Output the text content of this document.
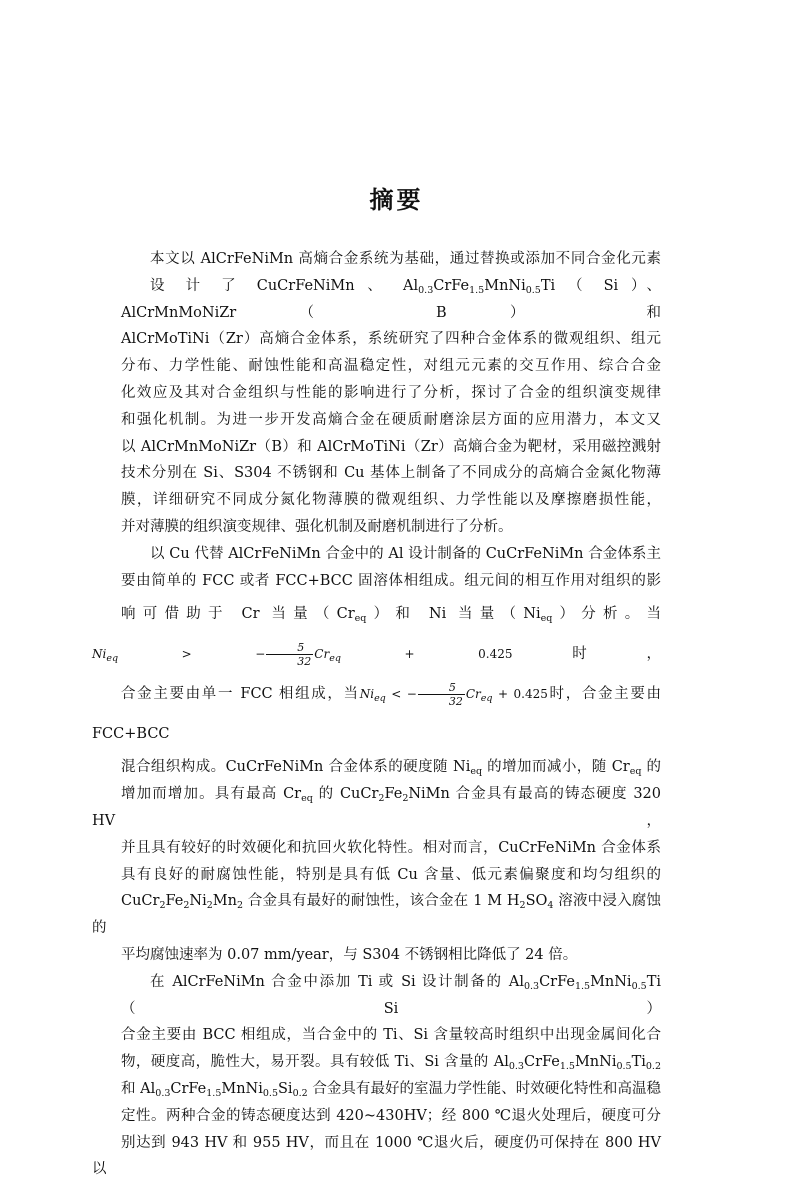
摘要

本文以 AlCrFeNiMn 高熵合金系统为基础，通过替换或添加不同合金化元素
设 计 了 CuCrFeNiMn 、 $Al_{0.3}CrFe_{1.5}MnNi_{0.5}Ti$ （ Si ）、 AlCrMnMoNiZr （ B ） 和
AlCrMoTiNi（Zr）高熵合金体系，系统研究了四种合金体系的微观组织、组元
分布、力学性能、耐蚀性能和高温稳定性，对组元元素的交互作用、综合合金
化效应及其对合金组织与性能的影响进行了分析，探讨了合金的组织演变规律
和强化机制。为进一步开发高熵合金在硬质耐磨涂层方面的应用潜力，本文又
以 AlCrMnMoNiZr（B）和 AlCrMoTiNi（Zr）高熵合金为靶材，采用磁控溅射
技术分别在 Si、S304 不锈钢和 Cu 基体上制备了不同成分的高熵合金氮化物薄
膜，详细研究不同成分氮化物薄膜的微观组织、力学性能以及摩擦磨损性能，
并对薄膜的组织演变规律、强化机制及耐磨机制进行了分析。

以 Cu 代替 AlCrFeNiMn 合金中的 Al 设计制备的 CuCrFeNiMn 合金体系主
要由简单的 FCC 或者 FCC+BCC 固溶体相组成。组元间的相互作用对组织的影
响可借助于 Cr 当量$(Cr_{eq})$和 Ni 当量$(Ni_{eq})$分析。当$Ni_{eq}$	> − $\frac{5}{32} Cr_{eq}$	+ 0.425时，
合金主要由单一 FCC 相组成，当$Ni_{eq}$ < − $\frac{5}{32} Cr_{eq} + 0.425$时，合金主要由 FCC+BCC
混合组织构成。CuCrFeNiMn 合金体系的硬度随 $Ni_{eq}$ 的增加而减小，随 $Cr_{eq}$ 的
增加而增加。具有最高 $Cr_{eq}$ 的 $CuCr_2Fe_2NiMn$ 合金具有最高的铸态硬度 320 HV，
并且具有较好的时效硬化和抗回火软化特性。相对而言，CuCrFeNiMn 合金体系
具有良好的耐腐蚀性能，特别是具有低 Cu 含量、低元素偏聚度和均匀组织的
$CuCr_2Fe_2Ni_2Mn_2$ 合金具有最好的耐蚀性，该合金在 1 M $H_2SO_4$ 溶液中浸入腐蚀的
平均腐蚀速率为 0.07 mm/year，与 S304 不锈钢相比降低了 24 倍。

在 AlCrFeNiMn 合金中添加 Ti 或 Si 设计制备的 $Al_{0.3}CrFe_{1.5}MnNi_{0.5}Ti(Si)$
合金主要由 BCC 相组成，当合金中的 Ti、Si 含量较高时组织中出现金属间化合
物，硬度高，脆性大，易开裂。具有较低 Ti、Si 含量的 $Al_{0.3}CrFe_{1.5}MnNi_{0.5}Ti_{0.2}$
和 $Al_{0.3}CrFe_{1.5}MnNi_{0.5}Si_{0.2}$ 合金具有最好的室温力学性能、时效硬化特性和高温稳
定性。两种合金的铸态硬度达到 420~430HV；经 800 ℃退火处理后，硬度可分
别达到 943 HV 和 955 HV，而且在 1000 ℃退火后，硬度仍可保持在 800 HV 以
